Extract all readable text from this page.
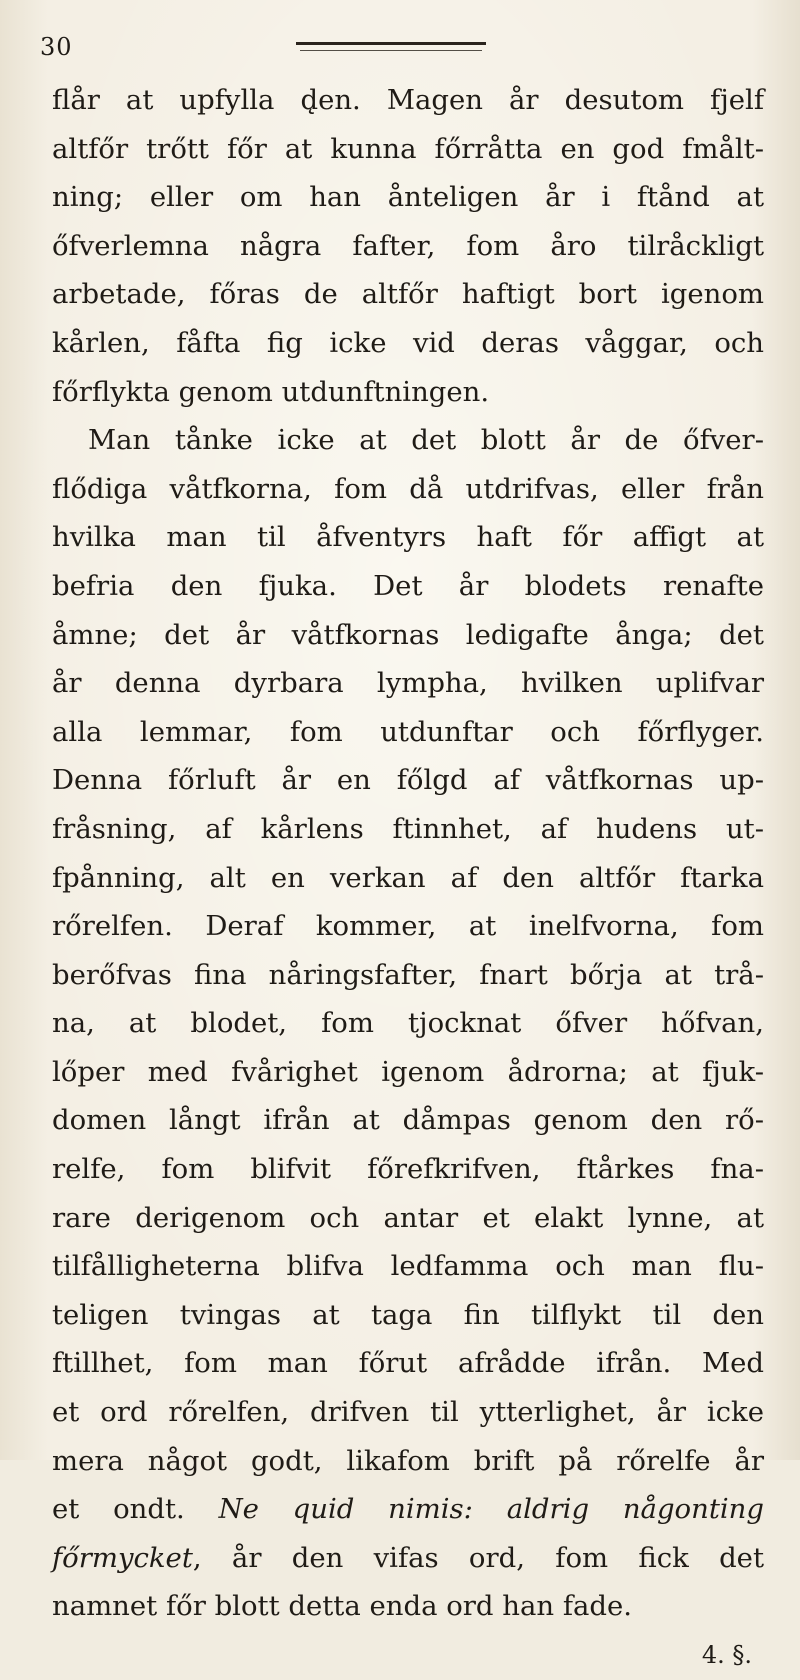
30
flår at upfylla d̨en. Magen år desutom fjelf
altfőr trőtt főr at kunna főrråtta en god fmålt-
ning; eller om han ånteligen år i ftånd at
őfverlemna några fafter, fom åro tilråckligt
arbetade, főras de altfőr haftigt bort igenom
kårlen, fåfta fig icke vid deras våggar, och
főrflykta genom utdunftningen.
Man tånke icke at det blott år de őfver-
flődiga våtfkorna, fom då utdrifvas, eller från
hvilka man til åfventyrs haft főr affigt at
befria den fjuka. Det år blodets renafte
åmne; det år våtfkornas ledigafte ånga; det
år denna dyrbara lympha, hvilken uplifvar
alla lemmar, fom utdunftar och főrflyger.
Denna főrluft år en főlgd af våtfkornas up-
fråsning, af kårlens ftinnhet, af hudens ut-
fpånning, alt en verkan af den altfőr ftarka
rőrelfen. Deraf kommer, at inelfvorna, fom
berőfvas fina nåringsfafter, fnart bőrja at trå-
na, at blodet, fom tjocknat őfver hőfvan,
lőper med fvårighet igenom ådrorna; at fjuk-
domen långt ifrån at dåmpas genom den rő-
relfe, fom blifvit főrefkrifven, ftårkes fna-
rare derigenom och antar et elakt lynne, at
tilfålligheterna blifva ledfamma och man flu-
teligen tvingas at taga fin tilflykt til den
ftillhet, fom man főrut afrådde ifrån. Med
et ord rőrelfen, drifven til ytterlighet, år icke
mera något godt, likafom brift på rőrelfe år
et ondt. Ne quid nimis: aldrig någonting
főrmycket, år den vifas ord, fom fick det
namnet főr blott detta enda ord han fade.
4. §.
